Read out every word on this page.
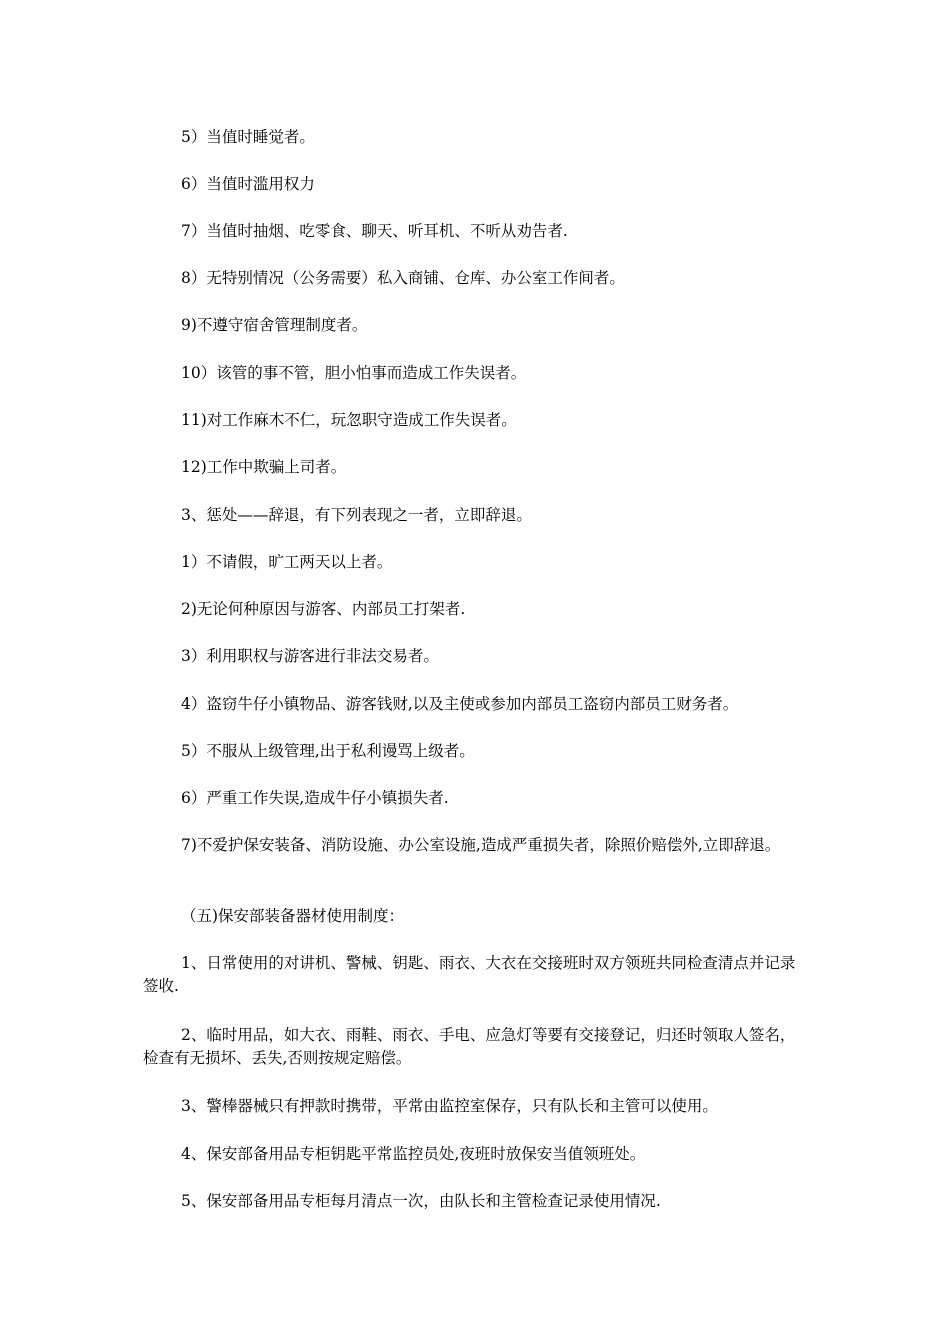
5）当值时睡觉者。

6）当值时滥用权力

7）当值时抽烟、吃零食、聊天、听耳机、不听从劝告者.

8）无特别情况（公务需要）私入商铺、仓库、办公室工作间者。

9)不遵守宿舍管理制度者。

10）该管的事不管，胆小怕事而造成工作失误者。

11)对工作麻木不仁，玩忽职守造成工作失误者。

12)工作中欺骗上司者。

3、惩处——辞退，有下列表现之一者，立即辞退。

1）不请假，旷工两天以上者。

2)无论何种原因与游客、内部员工打架者.

3）利用职权与游客进行非法交易者。

4）盗窃牛仔小镇物品、游客钱财,以及主使或参加内部员工盗窃内部员工财务者。

5）不服从上级管理,出于私利谩骂上级者。

6）严重工作失误,造成牛仔小镇损失者.

7)不爱护保安装备、消防设施、办公室设施,造成严重损失者，除照价赔偿外,立即辞退。

（五)保安部装备器材使用制度：

1、日常使用的对讲机、警械、钥匙、雨衣、大衣在交接班时双方领班共同检查清点并记录签收.

2、临时用品，如大衣、雨鞋、雨衣、手电、应急灯等要有交接登记，归还时领取人签名，检查有无损坏、丢失,否则按规定赔偿。

3、警棒器械只有押款时携带，平常由监控室保存，只有队长和主管可以使用。

4、保安部备用品专柜钥匙平常监控员处,夜班时放保安当值领班处。

5、保安部备用品专柜每月清点一次，由队长和主管检查记录使用情况.
